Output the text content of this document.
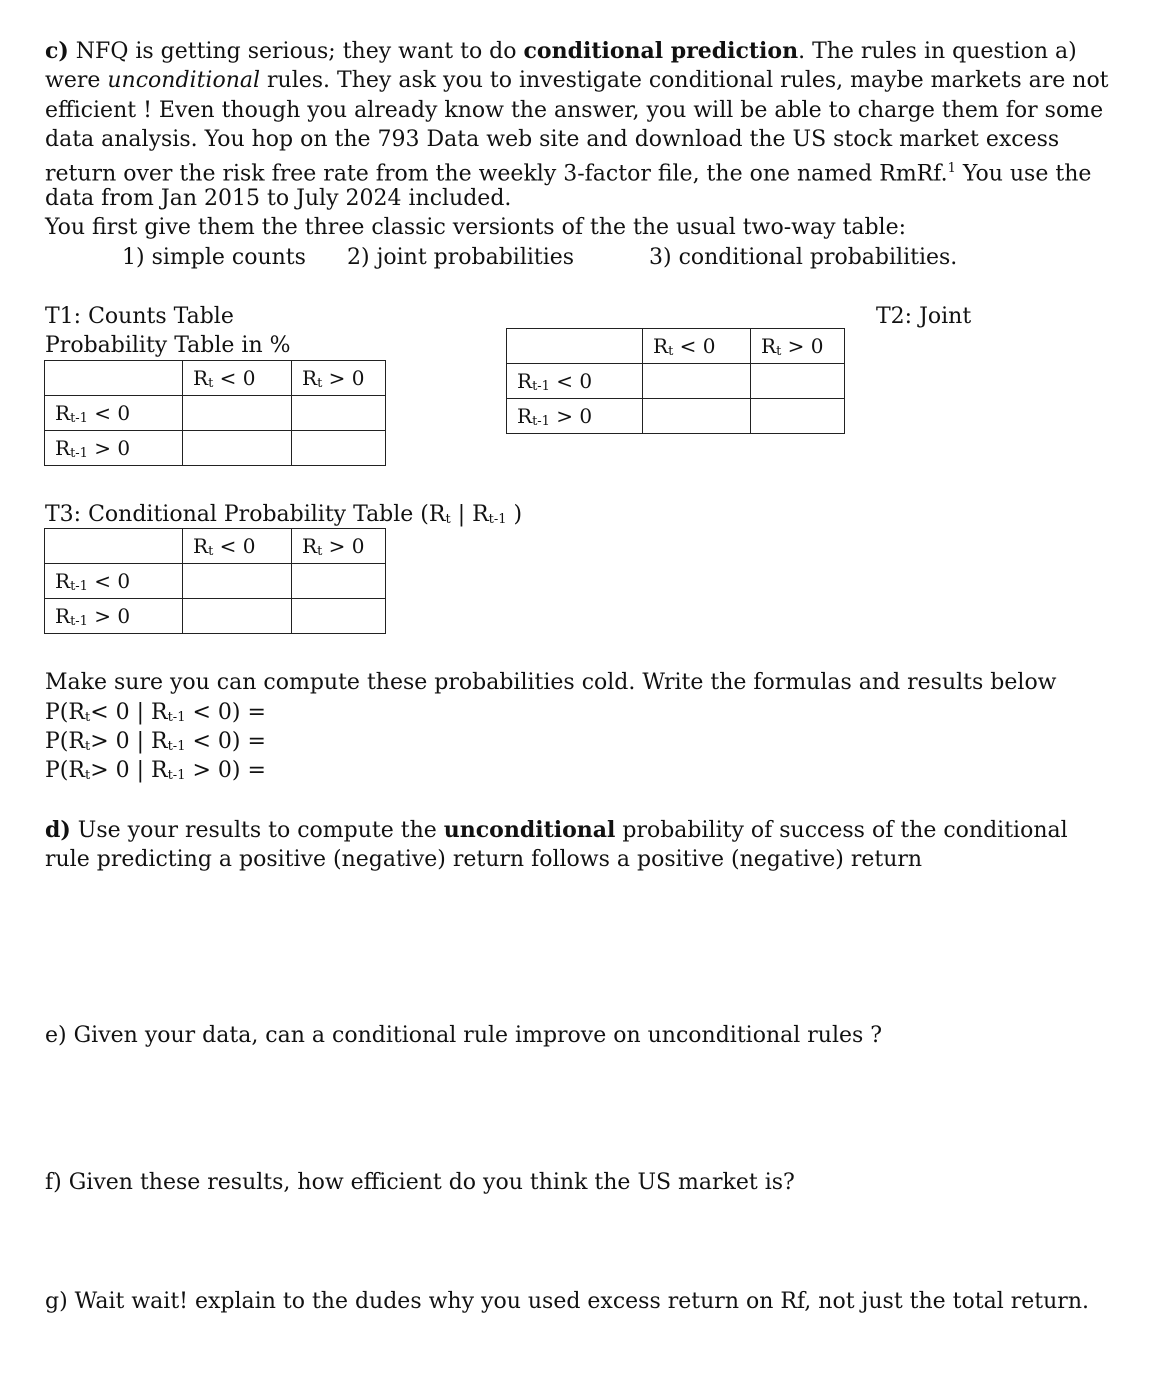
c) NFQ is getting serious; they want to do conditional prediction. The rules in question a)
were unconditional rules. They ask you to investigate conditional rules, maybe markets are not
efficient ! Even though you already know the answer, you will be able to charge them for some
data analysis. You hop on the 793 Data web site and download the US stock market excess
return over the risk free rate from the weekly 3-factor file, the one named RmRf.$^1$ You use the
data from Jan 2015 to July 2024 included.
You first give them the three classic versionts of the the usual two-way table:
1) simple counts 2) joint probabilities	3) conditional probabilities.
T1: Counts Table	T2: Joint
Probability Table in %
	Rt < 0	Rt > 0
Rt-1 < 0		
Rt-1 > 0		
	Rt < 0	Rt > 0
Rt-1 < 0		
Rt-1 > 0		
T3: Conditional Probability Table (Rt | Rt-1 )
	Rt < 0	Rt > 0
Rt-1 < 0		
Rt-1 > 0		
Make sure you can compute these probabilities cold. Write the formulas and results below
P(Rt< 0 | Rt-1 < 0) =
P(Rt> 0 | Rt-1 < 0) =
P(Rt> 0 | Rt-1 > 0) =
d) Use your results to compute the unconditional probability of success of the conditional
rule predicting a positive (negative) return follows a positive (negative) return
e) Given your data, can a conditional rule improve on unconditional rules ?
f) Given these results, how efficient do you think the US market is?
g) Wait wait! explain to the dudes why you used excess return on Rf, not just the total return.
